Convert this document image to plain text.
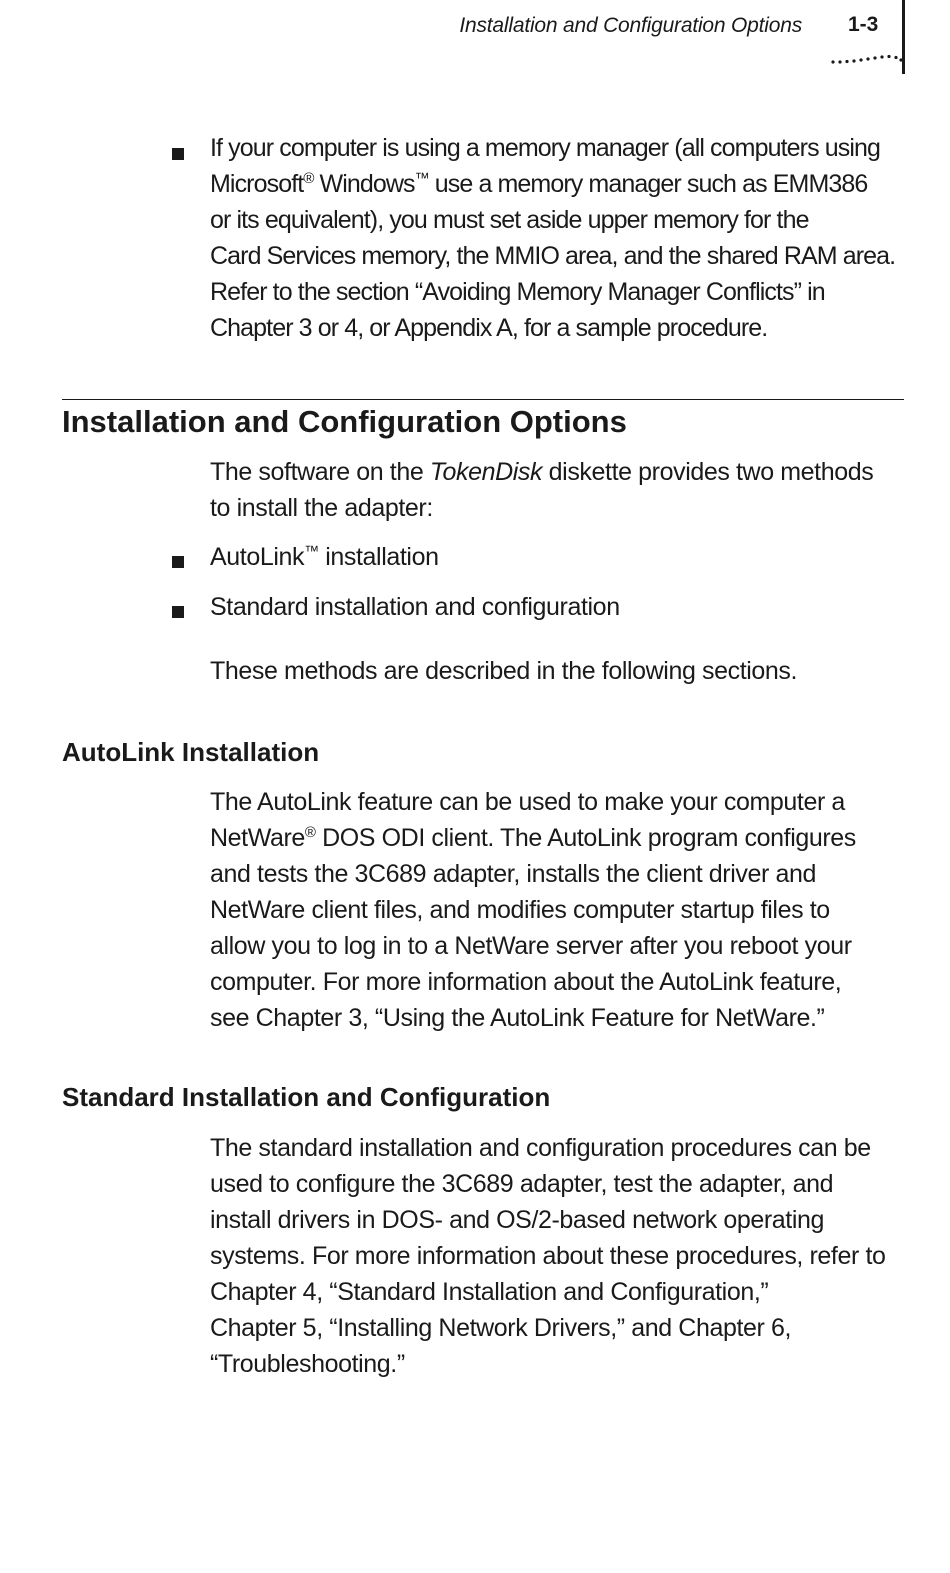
Installation and Configuration Options 1-3

If your computer is using a memory manager (all computers using
Microsoft® Windows™ use a memory manager such as EMM386
or its equivalent), you must set aside upper memory for the
Card Services memory, the MMIO area, and the shared RAM area.
Refer to the section “Avoiding Memory Manager Conflicts” in
Chapter 3 or 4, or Appendix A, for a sample procedure.

Installation and Configuration Options

The software on the TokenDisk diskette provides two methods
to install the adapter:

AutoLink™ installation

Standard installation and configuration

These methods are described in the following sections.

AutoLink Installation

The AutoLink feature can be used to make your computer a
NetWare® DOS ODI client. The AutoLink program configures
and tests the 3C689 adapter, installs the client driver and
NetWare client files, and modifies computer startup files to
allow you to log in to a NetWare server after you reboot your
computer. For more information about the AutoLink feature,
see Chapter 3, “Using the AutoLink Feature for NetWare.”

Standard Installation and Configuration

The standard installation and configuration procedures can be
used to configure the 3C689 adapter, test the adapter, and
install drivers in DOS- and OS/2-based network operating
systems. For more information about these procedures, refer to
Chapter 4, “Standard Installation and Configuration,”
Chapter 5, “Installing Network Drivers,” and Chapter 6,
“Troubleshooting.”
